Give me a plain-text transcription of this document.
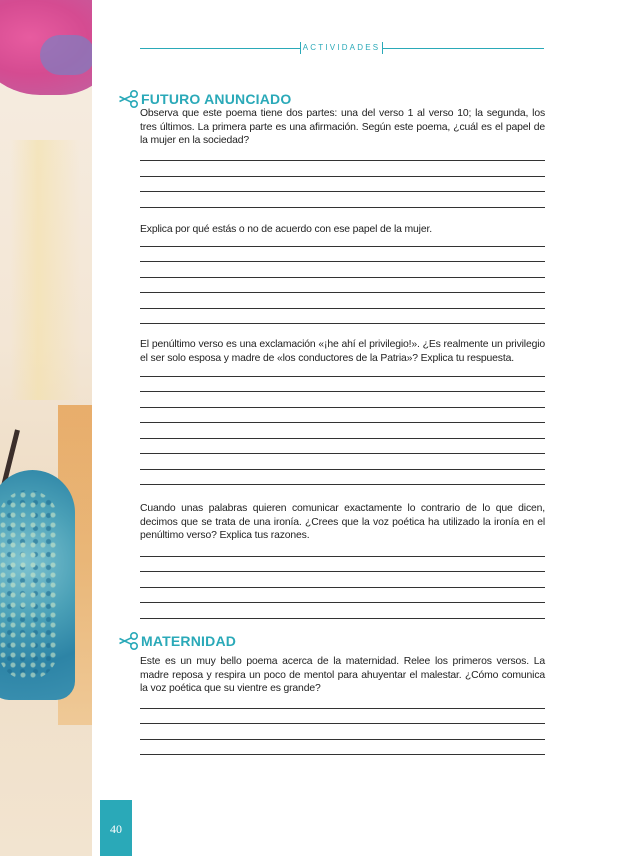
ACTIVIDADES
FUTURO ANUNCIADO
Observa que este poema tiene dos partes: una del verso 1 al verso 10; la segunda, los tres últimos. La primera parte es una afirmación. Según este poema, ¿cuál es el papel de la mujer en la sociedad?
Explica por qué estás o no de acuerdo con ese papel de la mujer.
El penúltimo verso es una exclamación «¡he ahí el privilegio!». ¿Es realmente un privilegio el ser solo esposa y madre de «los conductores de la Patria»? Explica tu respuesta.
Cuando unas palabras quieren comunicar exactamente lo contrario de lo que dicen, decimos que se trata de una ironía. ¿Crees que la voz poética ha utilizado la ironía en el penúltimo verso? Explica tus razones.
MATERNIDAD
Este es un muy bello poema acerca de la maternidad. Relee los primeros versos. La madre reposa y respira un poco de mentol para ahuyentar el malestar. ¿Cómo comunica la voz poética que su vientre es grande?
40
